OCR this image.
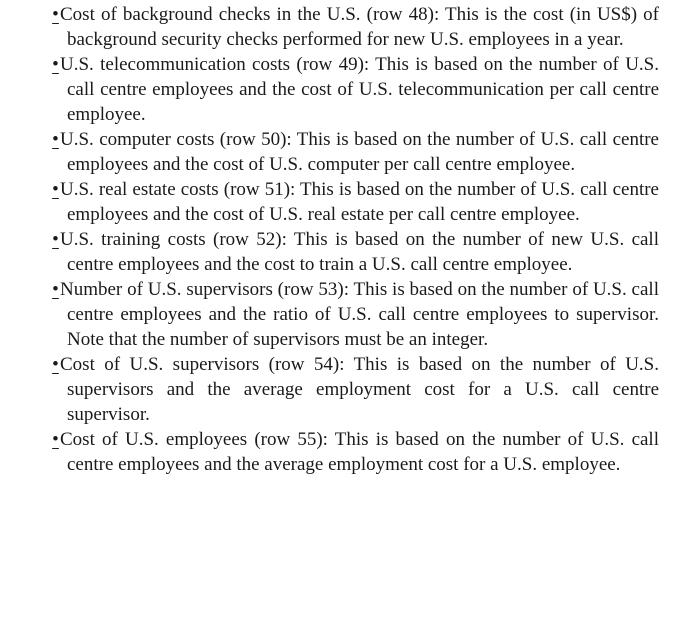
•Cost of background checks in the U.S. (row 48): This is the cost (in US$) of background security checks performed for new U.S. employees in a year.
•U.S. telecommunication costs (row 49): This is based on the number of U.S. call centre employees and the cost of U.S. telecommunication per call centre employee.
•U.S. computer costs (row 50): This is based on the number of U.S. call centre employees and the cost of U.S. computer per call centre employee.
•U.S. real estate costs (row 51): This is based on the number of U.S. call centre employees and the cost of U.S. real estate per call centre employee.
•U.S. training costs (row 52): This is based on the number of new U.S. call centre employees and the cost to train a U.S. call centre employee.
•Number of U.S. supervisors (row 53): This is based on the number of U.S. call centre employees and the ratio of U.S. call centre employees to supervisor. Note that the number of supervisors must be an integer.
•Cost of U.S. supervisors (row 54): This is based on the number of U.S. supervisors and the average employment cost for a U.S. call centre supervisor.
•Cost of U.S. employees (row 55): This is based on the number of U.S. call centre employees and the average employment cost for a U.S. employee.
